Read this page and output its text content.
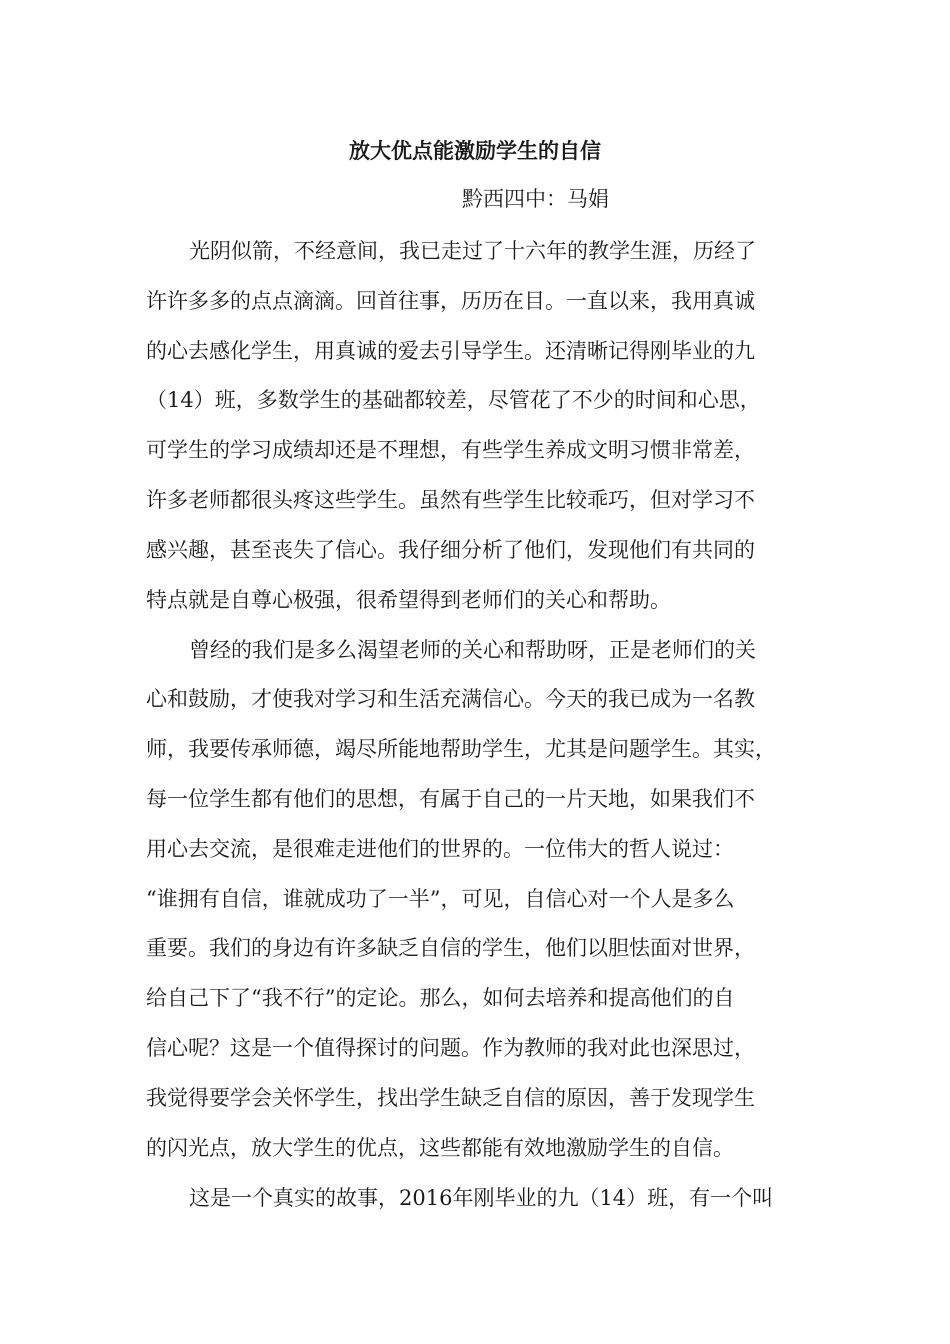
放大优点能激励学生的自信
黔西四中：马娟
光阴似箭，不经意间，我已走过了十六年的教学生涯，历经了
许许多多的点点滴滴。回首往事，历历在目。一直以来，我用真诚
的心去感化学生，用真诚的爱去引导学生。还清晰记得刚毕业的九
（14）班，多数学生的基础都较差，尽管花了不少的时间和心思，
可学生的学习成绩却还是不理想，有些学生养成文明习惯非常差，
许多老师都很头疼这些学生。虽然有些学生比较乖巧，但对学习不
感兴趣，甚至丧失了信心。我仔细分析了他们，发现他们有共同的
特点就是自尊心极强，很希望得到老师们的关心和帮助。
曾经的我们是多么渴望老师的关心和帮助呀，正是老师们的关
心和鼓励，才使我对学习和生活充满信心。今天的我已成为一名教
师，我要传承师德，竭尽所能地帮助学生，尤其是问题学生。其实，
每一位学生都有他们的思想，有属于自己的一片天地，如果我们不
用心去交流，是很难走进他们的世界的。一位伟大的哲人说过：
“谁拥有自信，谁就成功了一半”，可见，自信心对一个人是多么
重要。我们的身边有许多缺乏自信的学生，他们以胆怯面对世界，
给自己下了“我不行”的定论。那么，如何去培养和提高他们的自
信心呢？这是一个值得探讨的问题。作为教师的我对此也深思过，
我觉得要学会关怀学生，找出学生缺乏自信的原因，善于发现学生
的闪光点，放大学生的优点，这些都能有效地激励学生的自信。
这是一个真实的故事，2016年刚毕业的九（14）班，有一个叫
